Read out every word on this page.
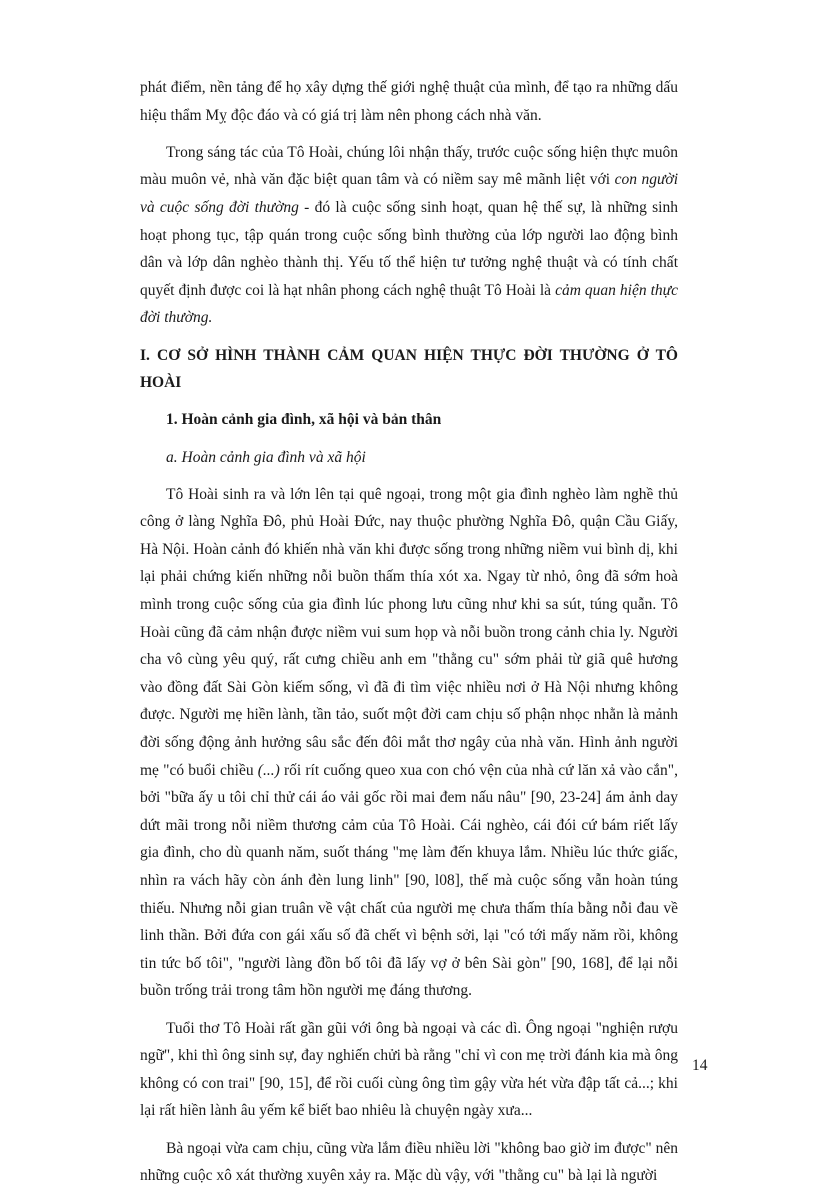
phát điểm, nền tảng để họ xây dựng thế giới nghệ thuật của mình, để tạo ra những dấu hiệu thẩm Mỵ độc đáo và có giá trị làm nên phong cách nhà văn.

Trong sáng tác của Tô Hoài, chúng lôi nhận thấy, trước cuộc sống hiện thực muôn màu muôn vẻ, nhà văn đặc biệt quan tâm và có niềm say mê mãnh liệt với con người và cuộc sống đời thường - đó là cuộc sống sinh hoạt, quan hệ thế sự, là những sinh hoạt phong tục, tập quán trong cuộc sống bình thường của lớp người lao động bình dân và lớp dân nghèo thành thị. Yếu tố thể hiện tư tưởng nghệ thuật và có tính chất quyết định được coi là hạt nhân phong cách nghệ thuật Tô Hoài là cảm quan hiện thực đời thường.

I. CƠ SỞ HÌNH THÀNH CẢM QUAN HIỆN THỰC ĐỜI THƯỜNG Ở TÔ HOÀI
1. Hoàn cảnh gia đình, xã hội và bản thân
a. Hoàn cảnh gia đình và xã hội

Tô Hoài sinh ra và lớn lên tại quê ngoại, trong một gia đình nghèo làm nghề thủ công ở làng Nghĩa Đô, phủ Hoài Đức, nay thuộc phường Nghĩa Đô, quận Cầu Giấy, Hà Nội. Hoàn cảnh đó khiến nhà văn khi được sống trong những niềm vui bình dị, khi lại phải chứng kiến những nỗi buồn thấm thía xót xa. Ngay từ nhỏ, ông đã sớm hoà mình trong cuộc sống của gia đình lúc phong lưu cũng như khi sa sút, túng quẫn. Tô Hoài cũng đã cảm nhận được niềm vui sum họp và nỗi buồn trong cảnh chia ly. Người cha vô cùng yêu quý, rất cưng chiều anh em "thằng cu" sớm phải từ giã quê hương vào đồng đất Sài Gòn kiếm sống, vì đã đi tìm việc nhiều nơi ở Hà Nội nhưng không được. Người mẹ hiền lành, tần tảo, suốt một đời cam chịu số phận nhọc nhằn là mảnh đời sống động ảnh hưởng sâu sắc đến đôi mắt thơ ngây của nhà văn. Hình ảnh người mẹ "có buổi chiều (...) rối rít cuống queo xua con chó vện của nhà cứ lăn xả vào cắn", bởi "bữa ấy u tôi chỉ thử cái áo vải gốc rồi mai đem nấu nâu" [90, 23-24] ám ảnh day dứt mãi trong nỗi niềm thương cảm của Tô Hoài. Cái nghèo, cái đói cứ bám riết lấy gia đình, cho dù quanh năm, suốt tháng "mẹ làm đến khuya lắm. Nhiều lúc thức giấc, nhìn ra vách hãy còn ánh đèn lung linh" [90, l08], thế mà cuộc sống vẫn hoàn túng thiếu. Nhưng nỗi gian truân về vật chất của người mẹ chưa thấm thía bằng nỗi đau về linh thần. Bởi đứa con gái xấu số đã chết vì bệnh sởi, lại "có tới mấy năm rồi, không tin tức bố tôi", "người làng đồn bố tôi đã lấy vợ ở bên Sài gòn" [90, 168], để lại nỗi buồn trống trải trong tâm hồn người mẹ đáng thương.

Tuổi thơ Tô Hoài rất gần gũi với ông bà ngoại và các dì. Ông ngoại "nghiện rượu ngữ", khi thì ông sinh sự, đay nghiến chửi bà rằng "chỉ vì con mẹ trời đánh kia mà ông không có con trai" [90, 15], để rồi cuối cùng ông tìm gậy vừa hét vừa đập tất cả...; khi lại rất hiền lành âu yếm kể biết bao nhiêu là chuyện ngày xưa...

Bà ngoại vừa cam chịu, cũng vừa lắm điều nhiều lời "không bao giờ im được" nên những cuộc xô xát thường xuyên xảy ra. Mặc dù vậy, với "thằng cu" bà lại là người

14
